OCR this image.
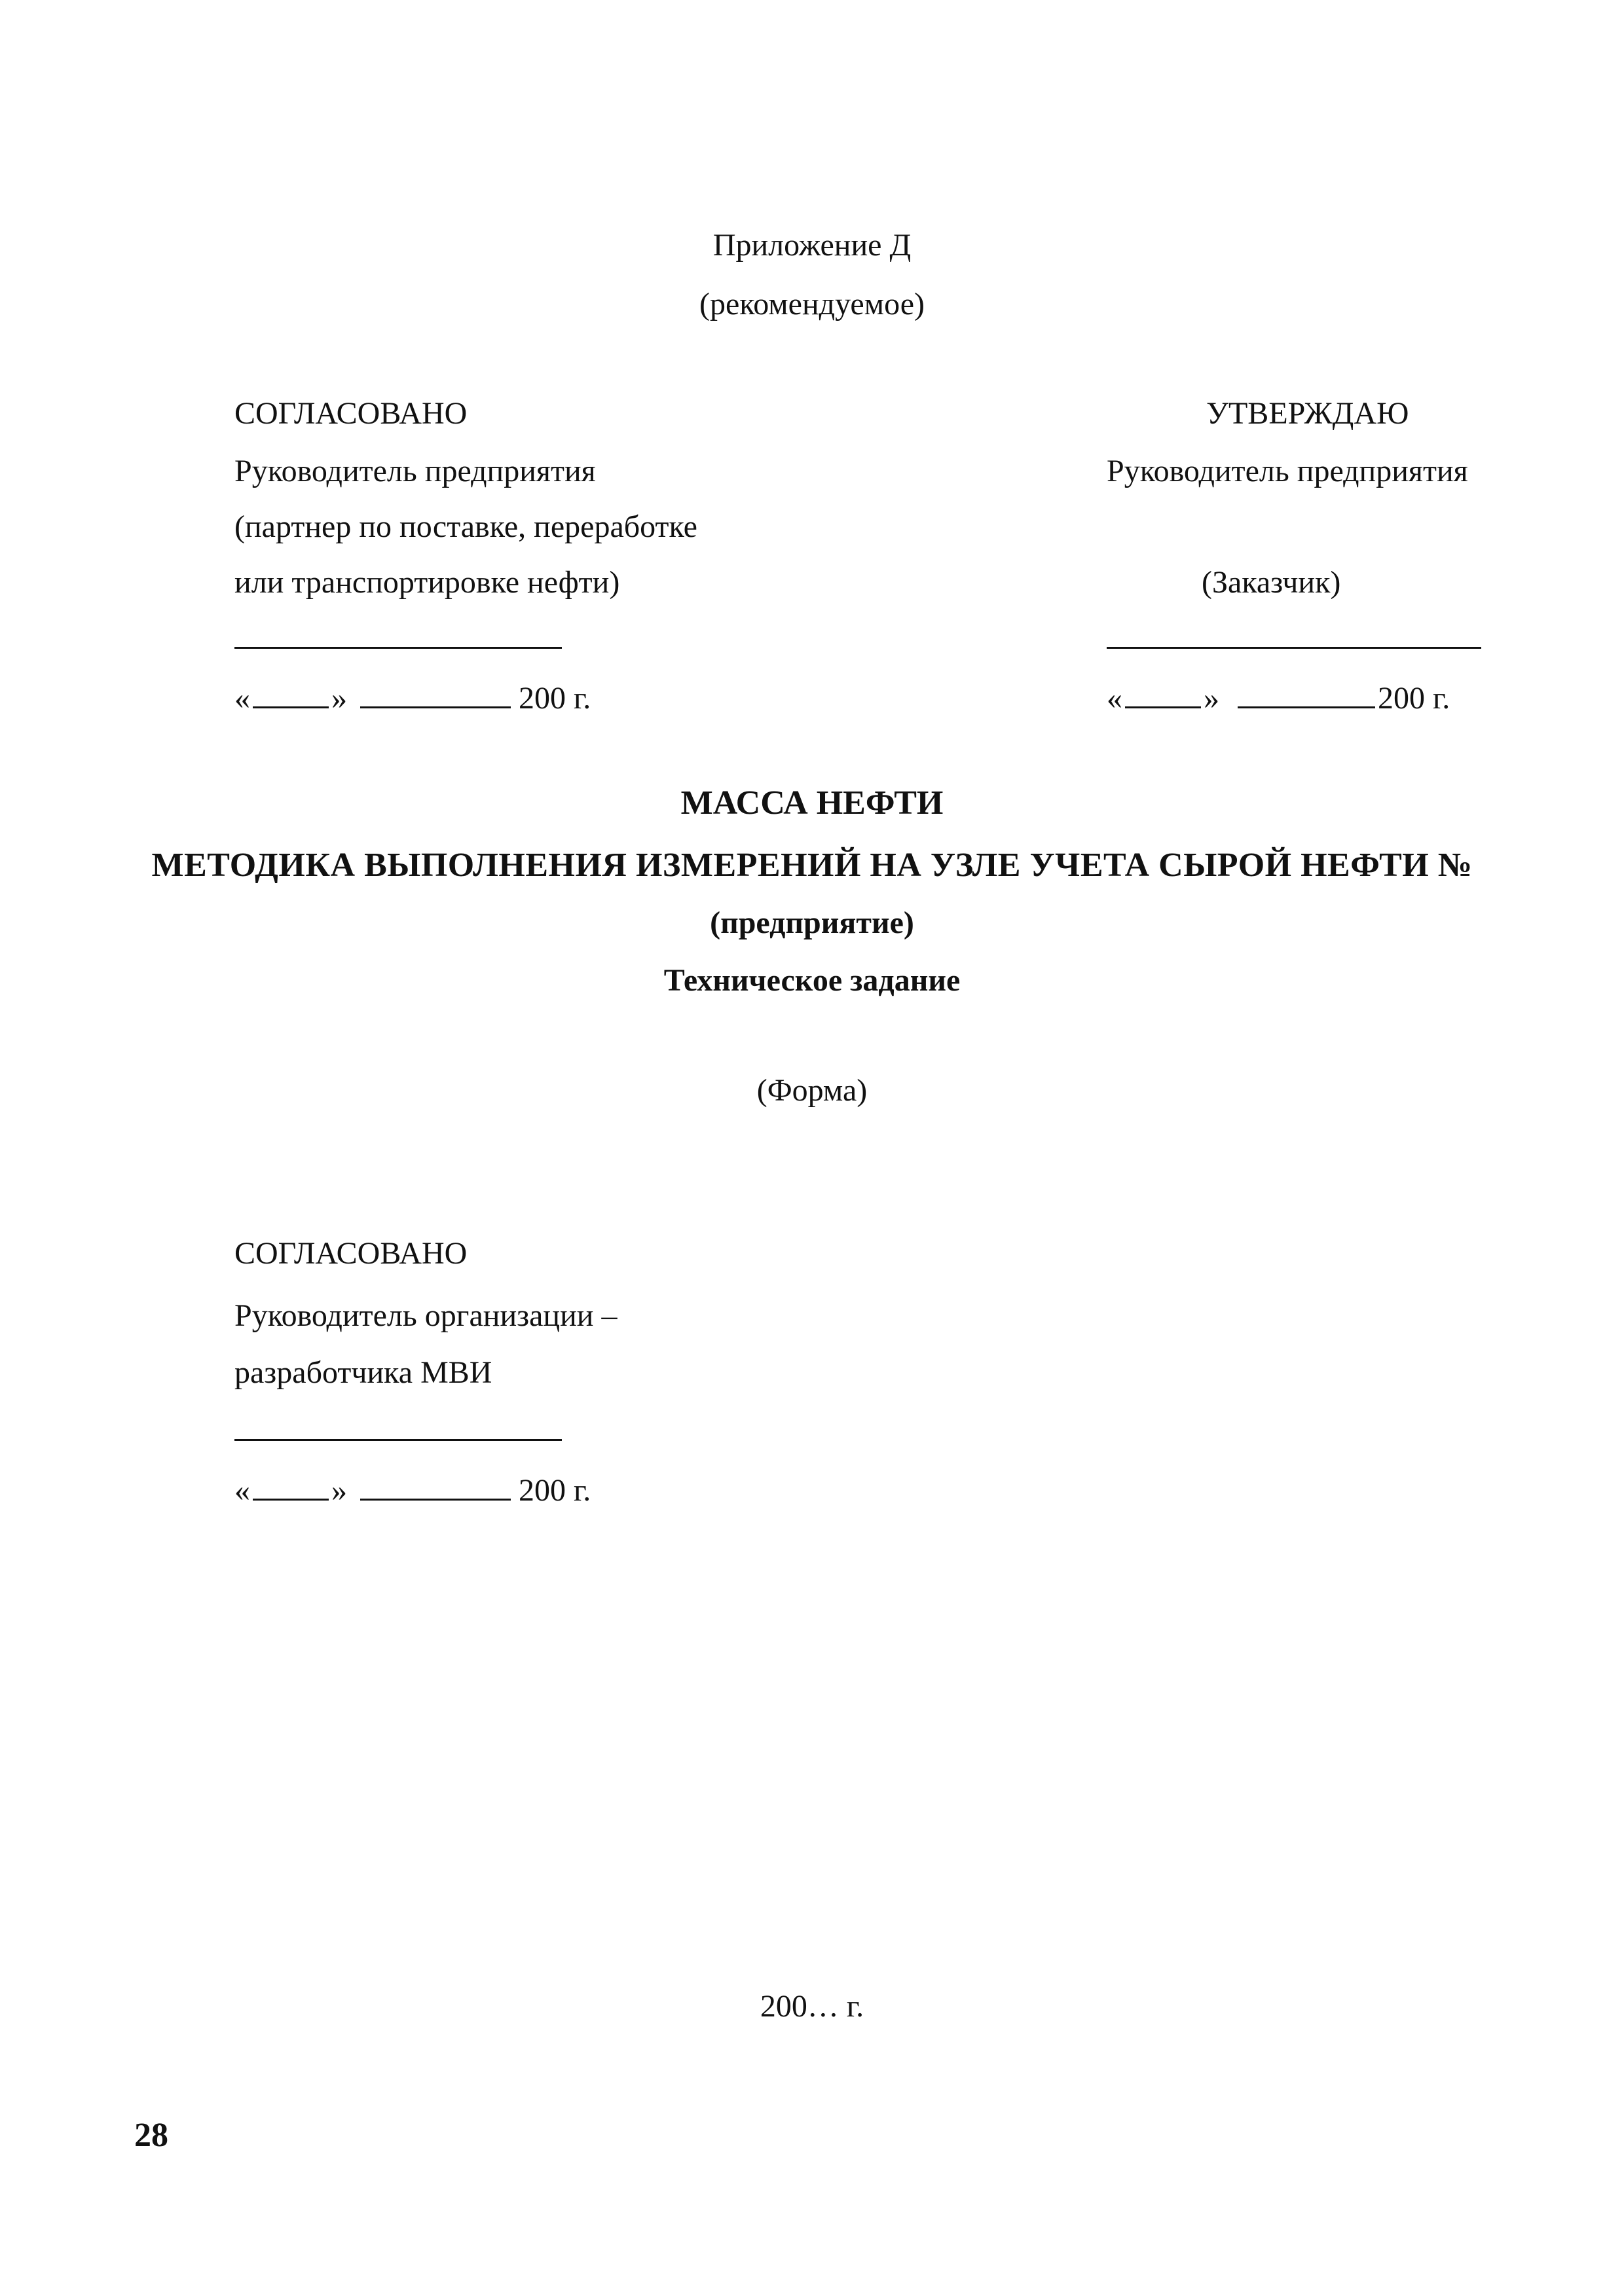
Приложение Д
(рекомендуемое)
СОГЛАСОВАНО
Руководитель предприятия
(партнер по поставке, переработке
или транспортировке нефти)
«	»	200 г.
УТВЕРЖДАЮ
Руководитель предприятия
(Заказчик)
«	»	200 г.
МАССА НЕФТИ
МЕТОДИКА ВЫПОЛНЕНИЯ ИЗМЕРЕНИЙ НА УЗЛЕ УЧЕТА СЫРОЙ НЕФТИ №
(предприятие)
Техническое задание
(Форма)
СОГЛАСОВАНО
Руководитель организации –
разработчика МВИ
«	»	200 г.
200… г.
28
